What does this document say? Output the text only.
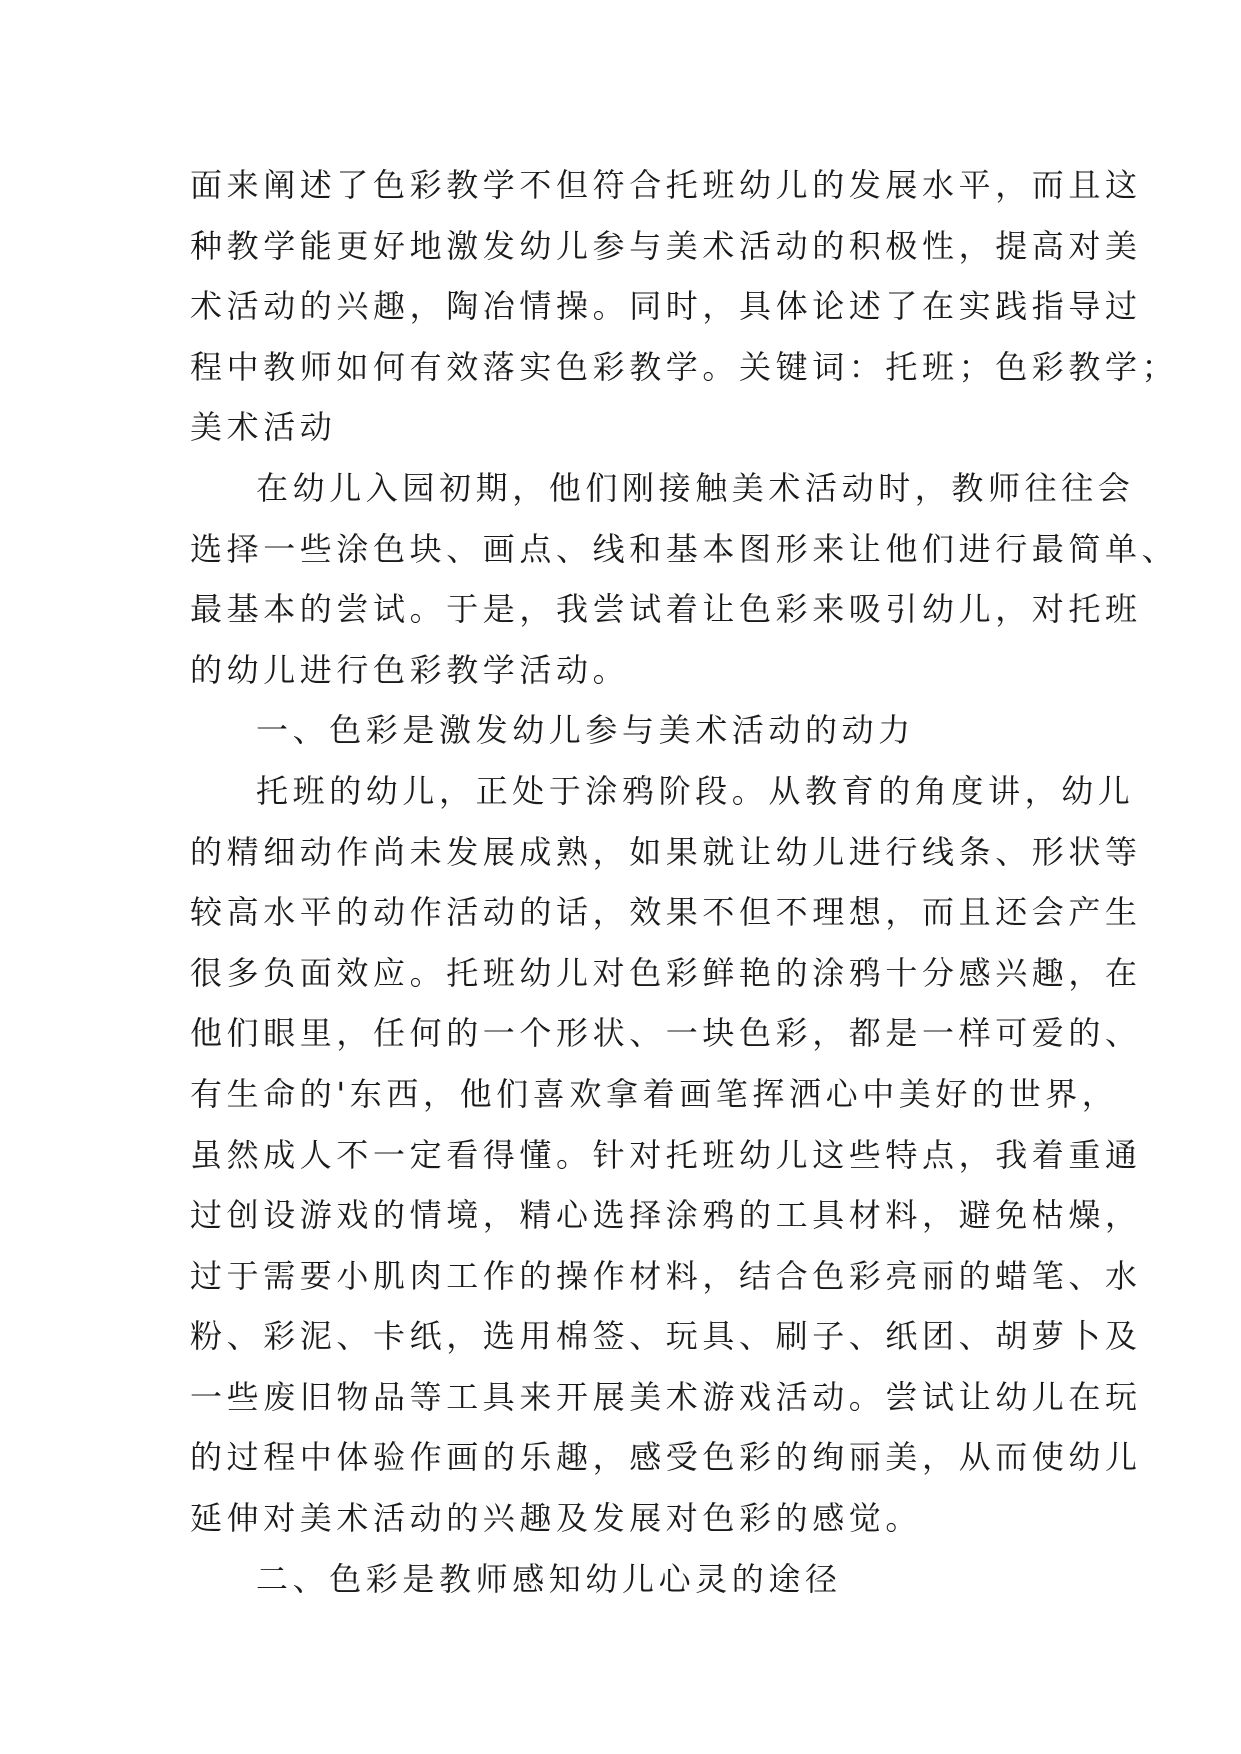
面来阐述了色彩教学不但符合托班幼儿的发展水平，而且这
种教学能更好地激发幼儿参与美术活动的积极性，提高对美
术活动的兴趣，陶冶情操。同时，具体论述了在实践指导过
程中教师如何有效落实色彩教学。关键词：托班；色彩教学；
美术活动
在幼儿入园初期，他们刚接触美术活动时，教师往往会
选择一些涂色块、画点、线和基本图形来让他们进行最简单、
最基本的尝试。于是，我尝试着让色彩来吸引幼儿，对托班
的幼儿进行色彩教学活动。
一、色彩是激发幼儿参与美术活动的动力
托班的幼儿，正处于涂鸦阶段。从教育的角度讲，幼儿
的精细动作尚未发展成熟，如果就让幼儿进行线条、形状等
较高水平的动作活动的话，效果不但不理想，而且还会产生
很多负面效应。托班幼儿对色彩鲜艳的涂鸦十分感兴趣，在
他们眼里，任何的一个形状、一块色彩，都是一样可爱的、
有生命的'东西，他们喜欢拿着画笔挥洒心中美好的世界，
虽然成人不一定看得懂。针对托班幼儿这些特点，我着重通
过创设游戏的情境，精心选择涂鸦的工具材料，避免枯燥，
过于需要小肌肉工作的操作材料，结合色彩亮丽的蜡笔、水
粉、彩泥、卡纸，选用棉签、玩具、刷子、纸团、胡萝卜及
一些废旧物品等工具来开展美术游戏活动。尝试让幼儿在玩
的过程中体验作画的乐趣，感受色彩的绚丽美，从而使幼儿
延伸对美术活动的兴趣及发展对色彩的感觉。
二、色彩是教师感知幼儿心灵的途径
